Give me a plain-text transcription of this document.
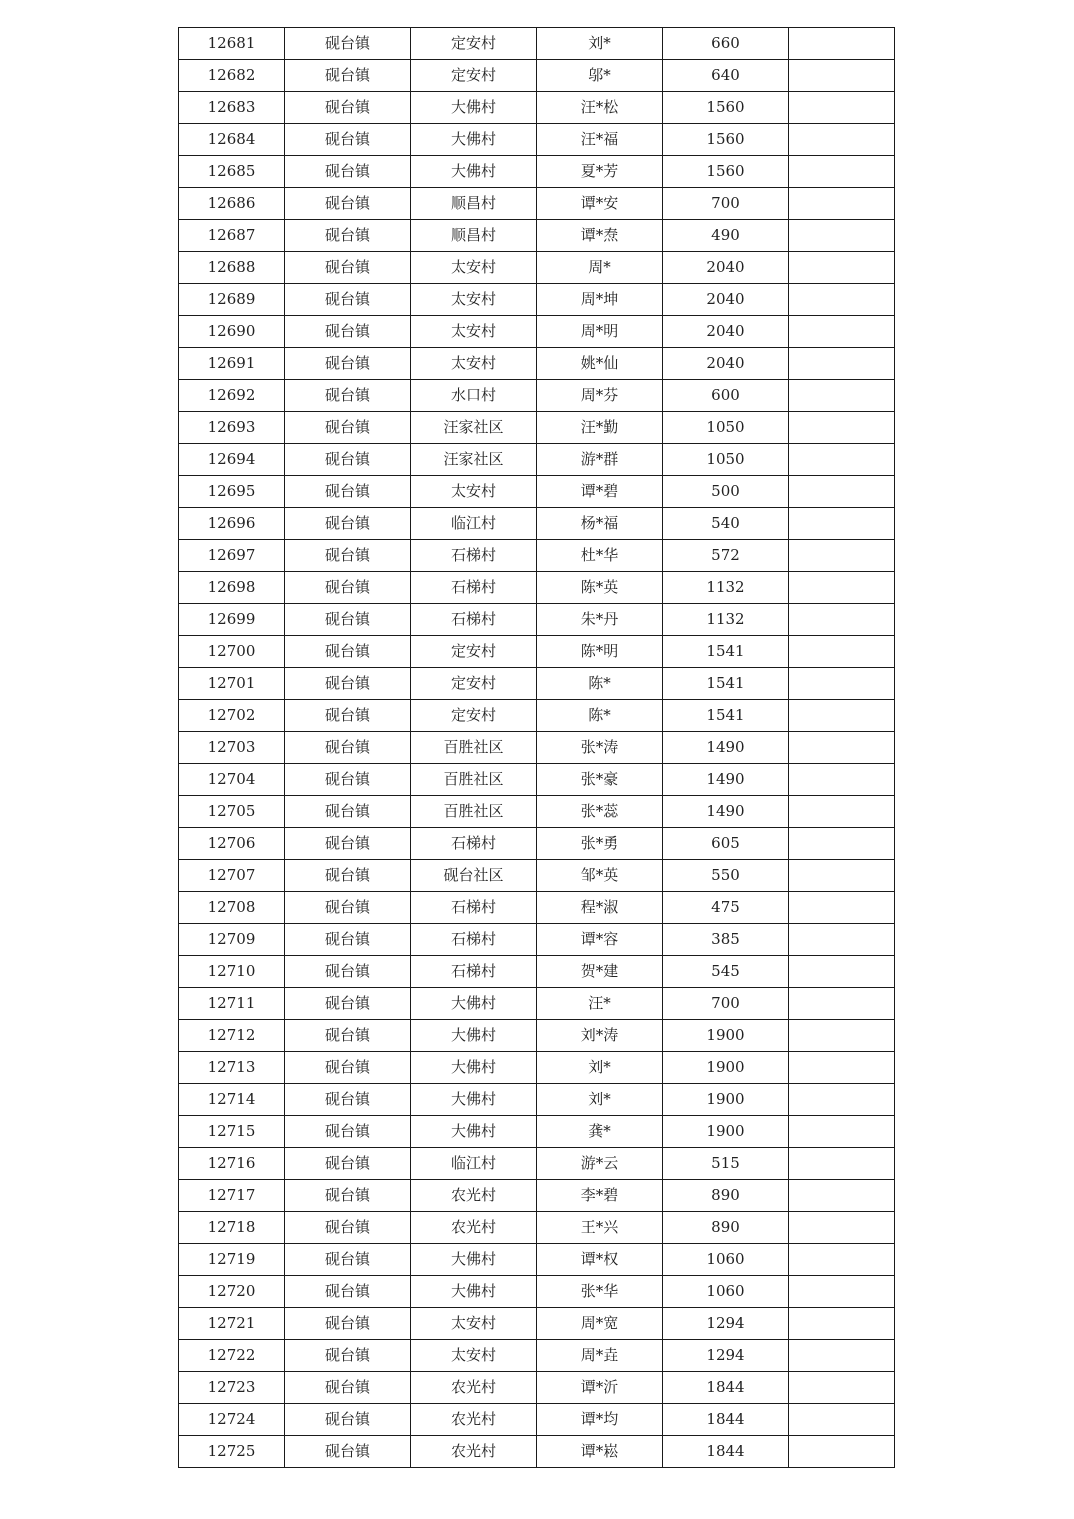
12681	砚台镇	定安村	刘*	660	
12682	砚台镇	定安村	邬*	640	
12683	砚台镇	大佛村	汪*松	1560	
12684	砚台镇	大佛村	汪*福	1560	
12685	砚台镇	大佛村	夏*芳	1560	
12686	砚台镇	顺昌村	谭*安	700	
12687	砚台镇	顺昌村	谭*焘	490	
12688	砚台镇	太安村	周*	2040	
12689	砚台镇	太安村	周*坤	2040	
12690	砚台镇	太安村	周*明	2040	
12691	砚台镇	太安村	姚*仙	2040	
12692	砚台镇	水口村	周*芬	600	
12693	砚台镇	汪家社区	汪*勤	1050	
12694	砚台镇	汪家社区	游*群	1050	
12695	砚台镇	太安村	谭*碧	500	
12696	砚台镇	临江村	杨*福	540	
12697	砚台镇	石梯村	杜*华	572	
12698	砚台镇	石梯村	陈*英	1132	
12699	砚台镇	石梯村	朱*丹	1132	
12700	砚台镇	定安村	陈*明	1541	
12701	砚台镇	定安村	陈*	1541	
12702	砚台镇	定安村	陈*	1541	
12703	砚台镇	百胜社区	张*涛	1490	
12704	砚台镇	百胜社区	张*豪	1490	
12705	砚台镇	百胜社区	张*蕊	1490	
12706	砚台镇	石梯村	张*勇	605	
12707	砚台镇	砚台社区	邹*英	550	
12708	砚台镇	石梯村	程*淑	475	
12709	砚台镇	石梯村	谭*容	385	
12710	砚台镇	石梯村	贺*建	545	
12711	砚台镇	大佛村	汪*	700	
12712	砚台镇	大佛村	刘*涛	1900	
12713	砚台镇	大佛村	刘*	1900	
12714	砚台镇	大佛村	刘*	1900	
12715	砚台镇	大佛村	龚*	1900	
12716	砚台镇	临江村	游*云	515	
12717	砚台镇	农光村	李*碧	890	
12718	砚台镇	农光村	王*兴	890	
12719	砚台镇	大佛村	谭*权	1060	
12720	砚台镇	大佛村	张*华	1060	
12721	砚台镇	太安村	周*宽	1294	
12722	砚台镇	太安村	周*垚	1294	
12723	砚台镇	农光村	谭*沂	1844	
12724	砚台镇	农光村	谭*均	1844	
12725	砚台镇	农光村	谭*崧	1844	
